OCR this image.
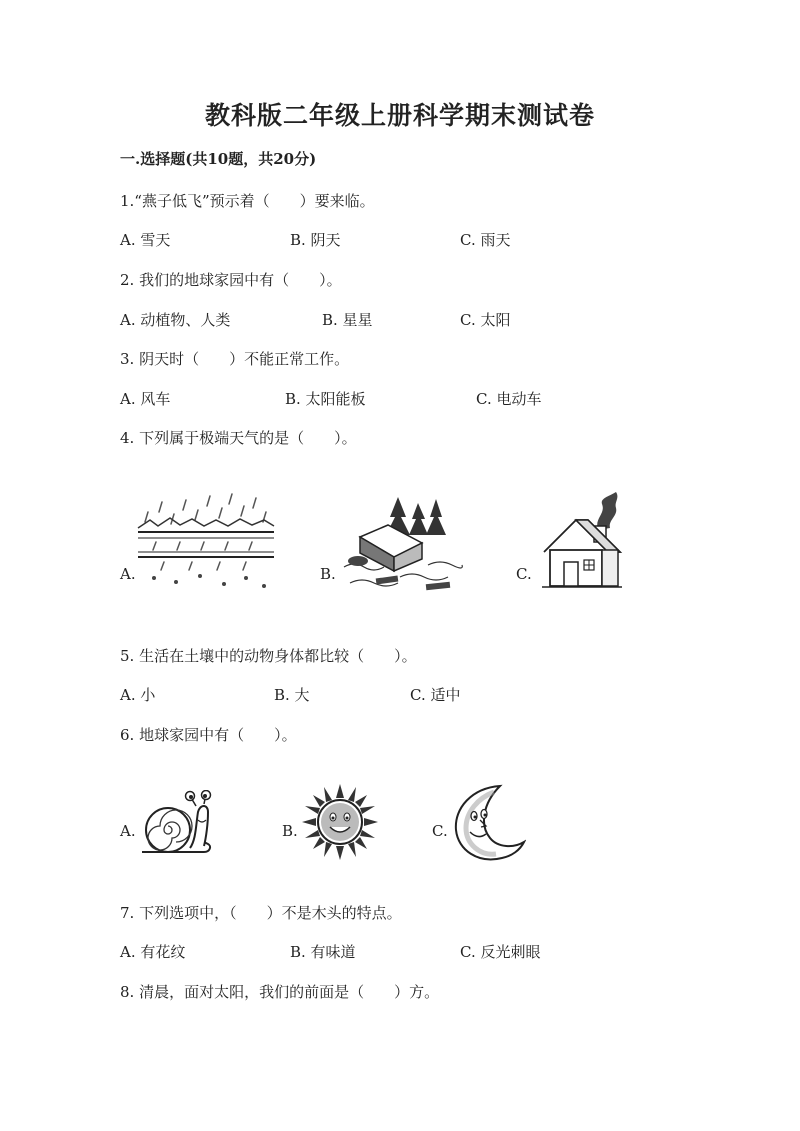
教科版二年级上册科学期末测试卷
一.选择题(共10题，共20分)
1.“燕子低飞”预示着（　　）要来临。
A. 雪天	B. 阴天	C. 雨天
2. 我们的地球家园中有（　　）。
A. 动植物、人类	B. 星星	C. 太阳
3. 阴天时（　　）不能正常工作。
A. 风车	B. 太阳能板	C. 电动车
4. 下列属于极端天气的是（　　）。
A.	B.	C.
5. 生活在土壤中的动物身体都比较（　　）。
A. 小	B. 大	C. 适中
6. 地球家园中有（　　）。
A.	B.	C.
7. 下列选项中，（　　）不是木头的特点。
A. 有花纹	B. 有味道	C. 反光刺眼
8. 清晨，面对太阳，我们的前面是（　　）方。
